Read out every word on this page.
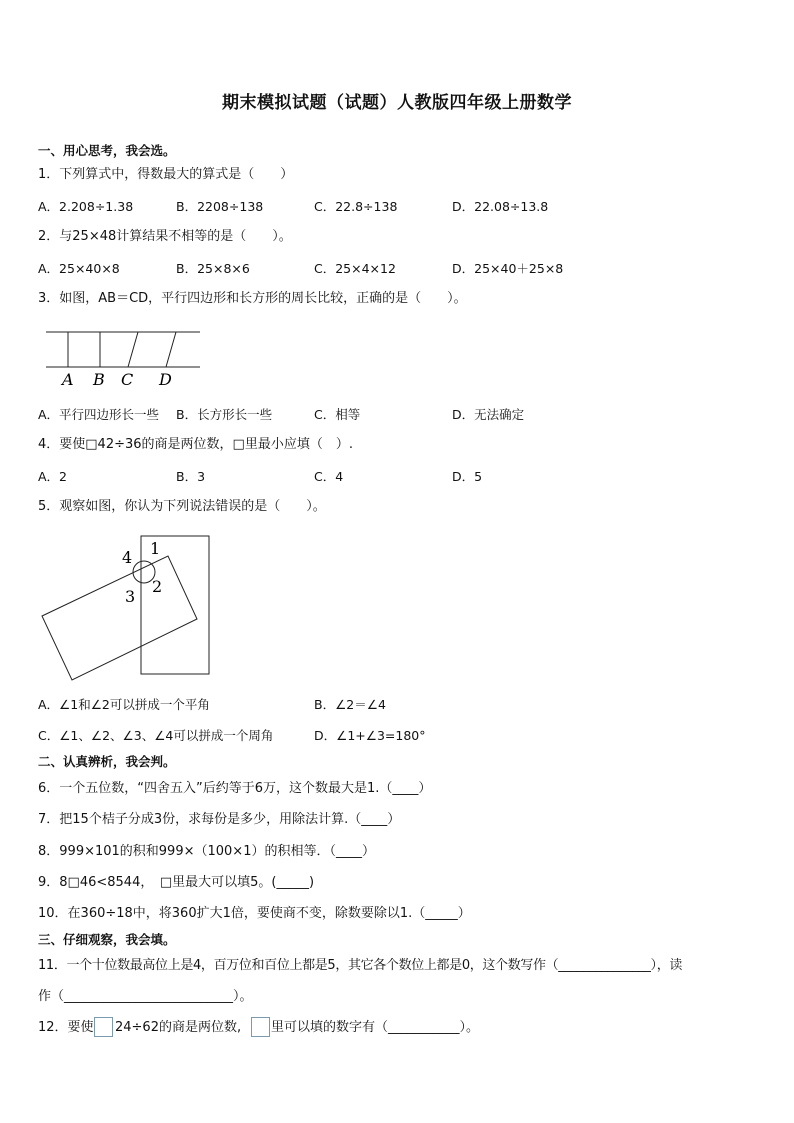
期末模拟试题（试题）人教版四年级上册数学
一、用心思考，我会选。
1．下列算式中，得数最大的算式是（　　）
A．2.208÷1.38	B．2208÷138	C．22.8÷138	D．22.08÷13.8
2．与25×48计算结果不相等的是（　　）。
A．25×40×8	B．25×8×6	C．25×4×12	D．25×40＋25×8
3．如图，AB＝CD，平行四边形和长方形的周长比较，正确的是（　　）。
A B C D
A．平行四边形长一些 B．长方形长一些	C．相等	D．无法确定
4．要使□42÷36的商是两位数，□里最小应填（　）.
A．2	B．3	C．4	D．5
5．观察如图，你认为下列说法错误的是（　　）。
4 1
3
2
A．∠1和∠2可以拼成一个平角	B．∠2＝∠4
C．∠1、∠2、∠3、∠4可以拼成一个周角	D．∠1+∠3=180°
二、认真辨析，我会判。
6．一个五位数，“四舍五入”后约等于6万，这个数最大是1.（____）
7．把15个桔子分成3份，求每份是多少，用除法计算.（____）
8．999×101的积和999×（100×1）的积相等．（____）
9．8□46<8544，　□里最大可以填5。(_____)
10．在360÷18中，将360扩大1倍，要使商不变，除数要除以1.（_____）
三、仔细观察，我会填。
11．一个十位数最高位上是4，百万位和百位上都是5，其它各个数位上都是0，这个数写作（_______________），读
作（__________________________）。
12．要使 24÷62的商是两位数, 里可以填的数字有（___________）。
